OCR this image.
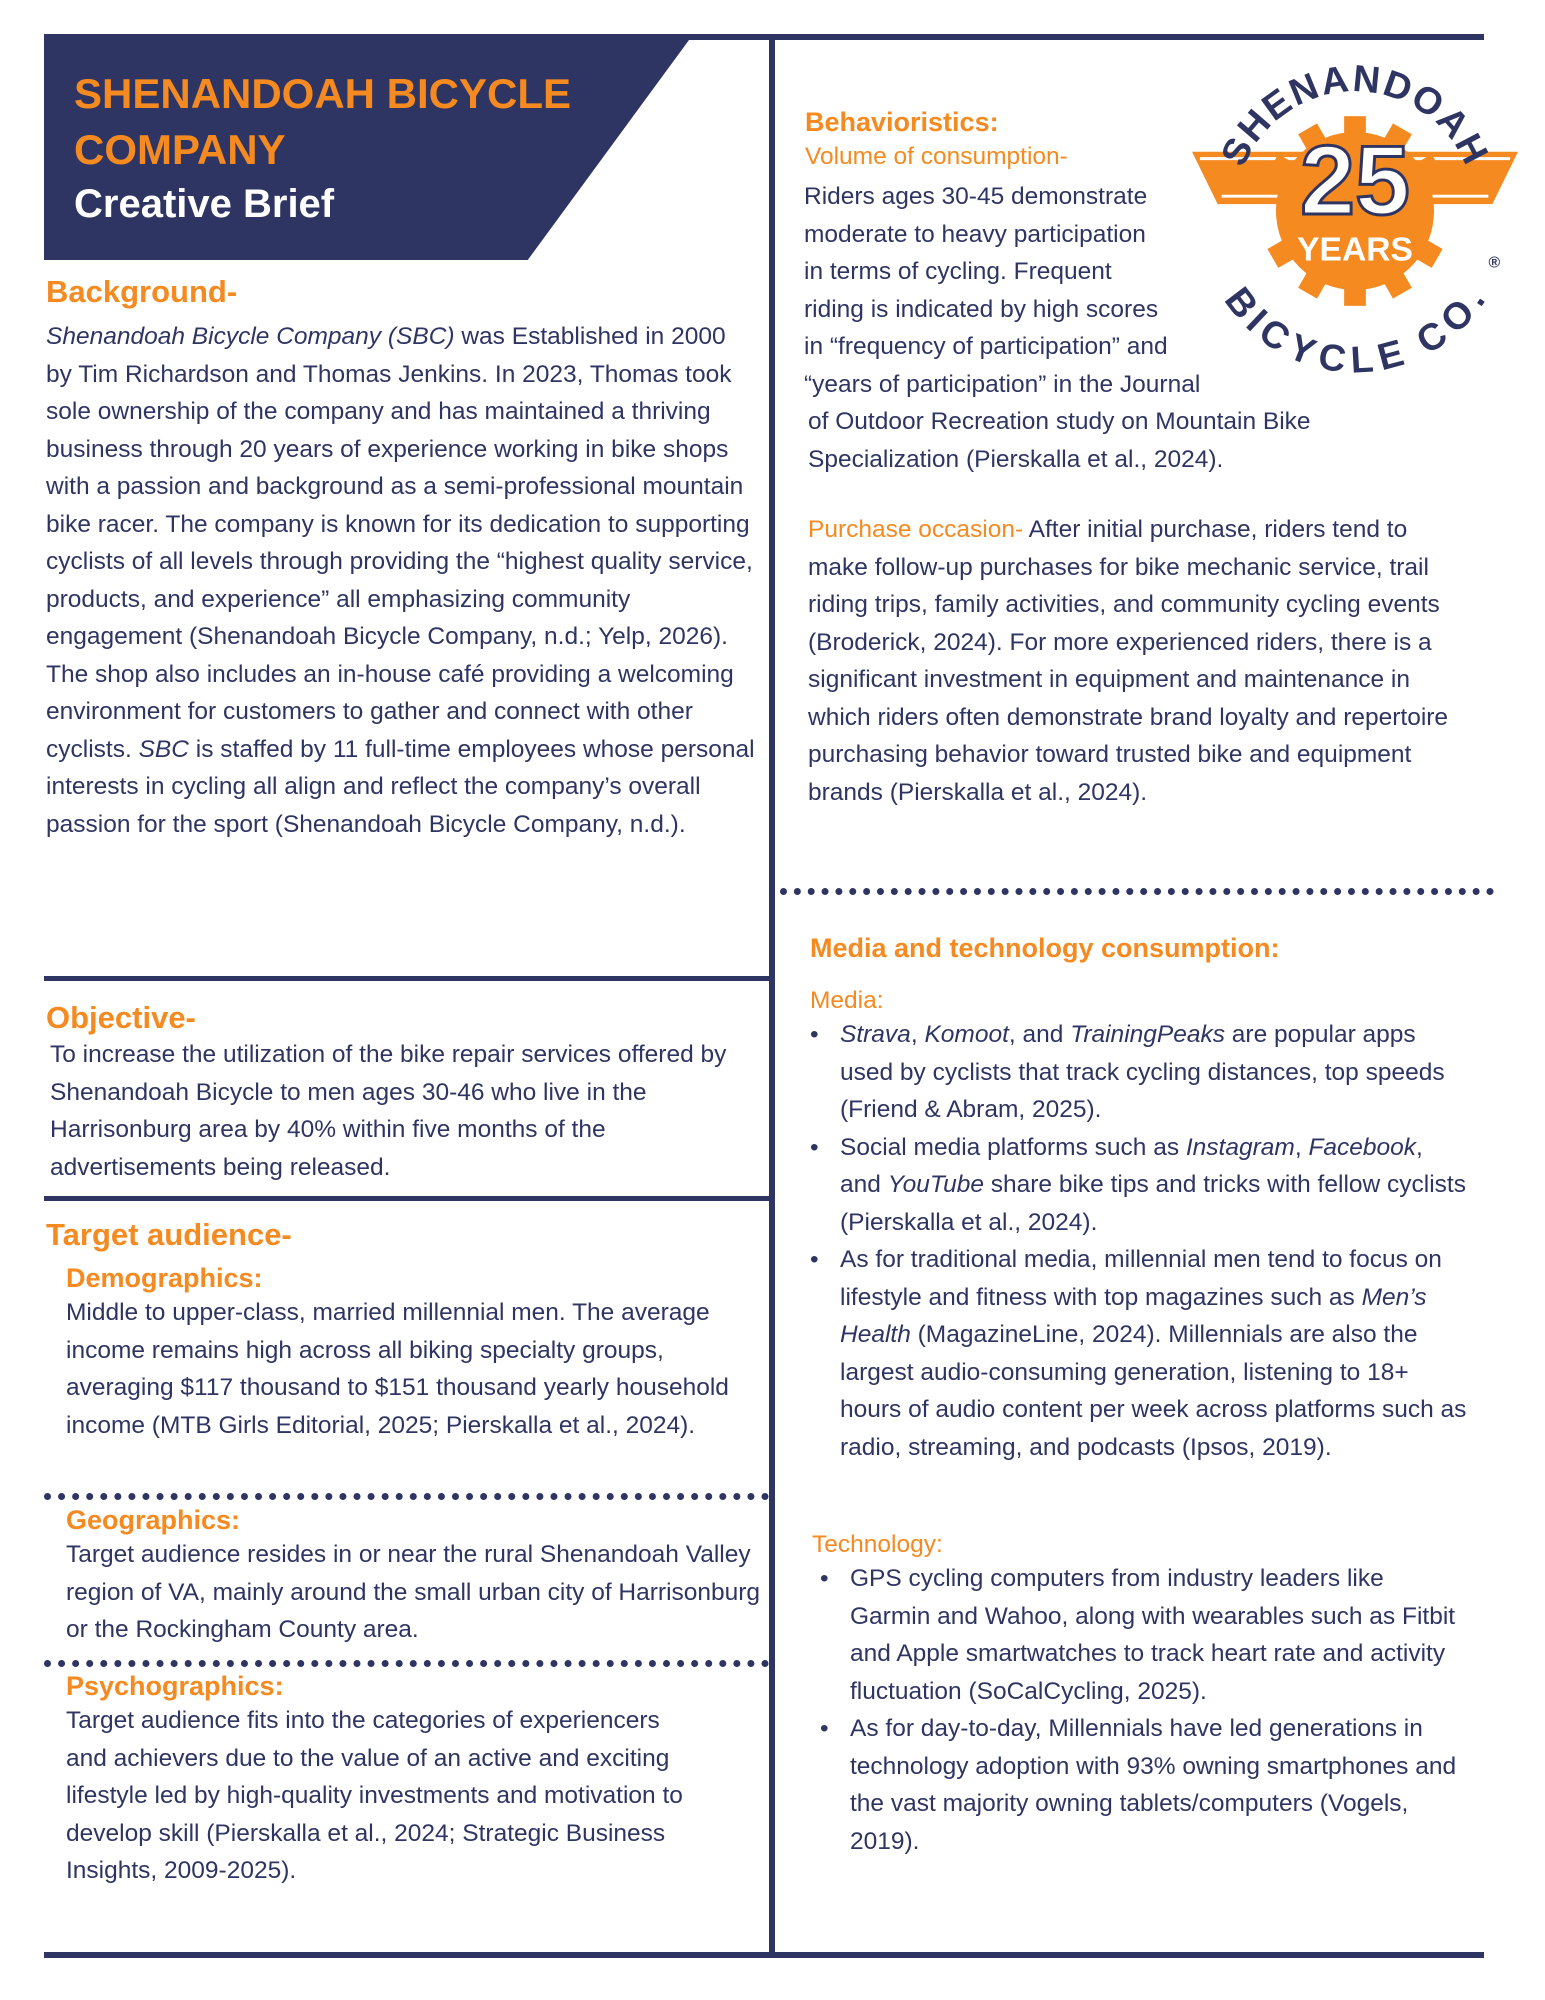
SHENANDOAH BICYCLE COMPANY
Creative Brief
SHENANDOAH
BICYCLE CO.
25
YEARS	®
Background-

Shenandoah Bicycle Company (SBC) was Established in 2000 by Tim Richardson and Thomas Jenkins. In 2023, Thomas took sole ownership of the company and has maintained a thriving business through 20 years of experience working in bike shops with a passion and background as a semi-professional mountain bike racer. The company is known for its dedication to supporting cyclists of all levels through providing the “highest quality service, products, and experience” all emphasizing community engagement (Shenandoah Bicycle Company, n.d.; Yelp, 2026). The shop also includes an in-house café providing a welcoming environment for customers to gather and connect with other cyclists. SBC is staffed by 11 full-time employees whose personal interests in cycling all align and reflect the company’s overall passion for the sport (Shenandoah Bicycle Company, n.d.).

Objective-

To increase the utilization of the bike repair services offered by Shenandoah Bicycle to men ages 30-46 who live in the Harrisonburg area by 40% within five months of the advertisements being released.

Target audience-
Demographics:

Middle to upper-class, married millennial men. The average income remains high across all biking specialty groups, averaging $117 thousand to $151 thousand yearly household income (MTB Girls Editorial, 2025; Pierskalla et al., 2024).

Geographics:

Target audience resides in or near the rural Shenandoah Valley region of VA, mainly around the small urban city of Harrisonburg or the Rockingham County area.

Psychographics:

Target audience fits into the categories of experiencers and achievers due to the value of an active and exciting lifestyle led by high-quality investments and motivation to develop skill (Pierskalla et al., 2024; Strategic Business Insights, 2009-2025).

Behavioristics:

Volume of consumption-

Riders ages 30-45 demonstrate

moderate to heavy participation

in terms of cycling. Frequent

riding is indicated by high scores

in “frequency of participation” and

“years of participation” in the Journal

of Outdoor Recreation study on Mountain Bike

Specialization (Pierskalla et al., 2024).

Purchase occasion- After initial purchase, riders tend to make follow-up purchases for bike mechanic service, trail riding trips, family activities, and community cycling events (Broderick, 2024). For more experienced riders, there is a significant investment in equipment and maintenance in which riders often demonstrate brand loyalty and repertoire purchasing behavior toward trusted bike and equipment brands (Pierskalla et al., 2024).

Media and technology consumption:

Media:

• Strava, Komoot, and TrainingPeaks are popular apps used by cyclists that track cycling distances, top speeds (Friend & Abram, 2025).
• Social media platforms such as Instagram, Facebook, and YouTube share bike tips and tricks with fellow cyclists (Pierskalla et al., 2024).
• As for traditional media, millennial men tend to focus on lifestyle and fitness with top magazines such as Men’s Health (MagazineLine, 2024). Millennials are also the largest audio-consuming generation, listening to 18+ hours of audio content per week across platforms such as radio, streaming, and podcasts (Ipsos, 2019).

Technology:

• GPS cycling computers from industry leaders like Garmin and Wahoo, along with wearables such as Fitbit and Apple smartwatches to track heart rate and activity fluctuation (SoCalCycling, 2025).
• As for day-to-day, Millennials have led generations in technology adoption with 93% owning smartphones and the vast majority owning tablets/computers (Vogels, 2019).
